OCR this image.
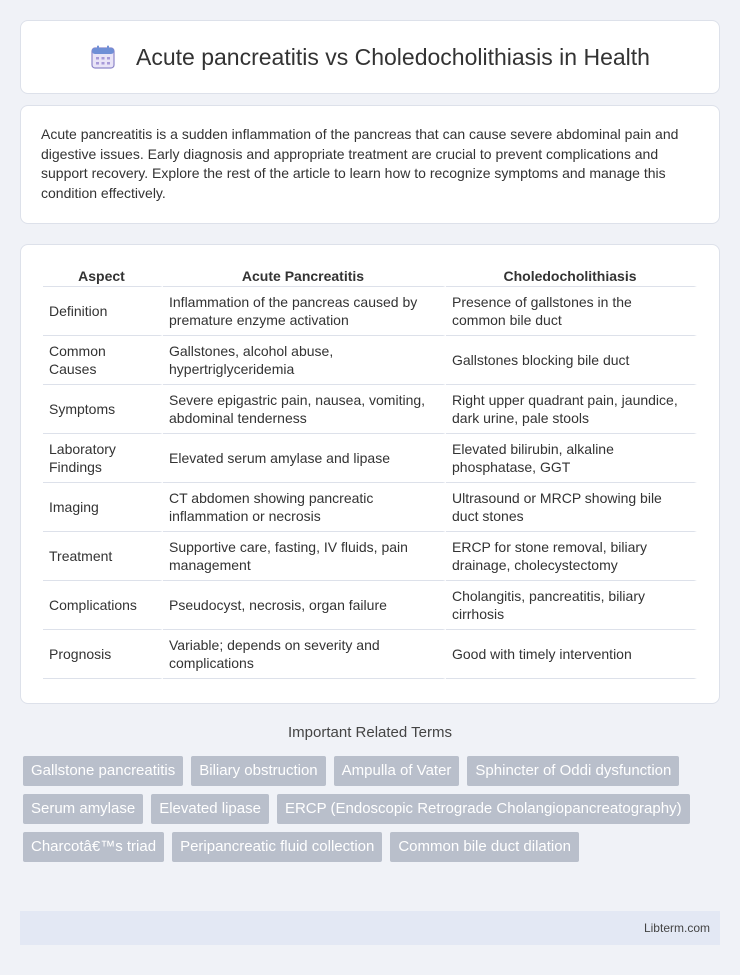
Acute pancreatitis vs Choledocholithiasis in Health

Acute pancreatitis is a sudden inflammation of the pancreas that can cause severe abdominal pain and digestive issues. Early diagnosis and appropriate treatment are crucial to prevent complications and support recovery. Explore the rest of the article to learn how to recognize symptoms and manage this condition effectively.

Aspect	Acute Pancreatitis	Choledocholithiasis
Definition	Inflammation of the pancreas caused by premature enzyme activation	Presence of gallstones in the common bile duct
Common Causes	Gallstones, alcohol abuse, hypertriglyceridemia	Gallstones blocking bile duct
Symptoms	Severe epigastric pain, nausea, vomiting, abdominal tenderness	Right upper quadrant pain, jaundice, dark urine, pale stools
Laboratory Findings	Elevated serum amylase and lipase	Elevated bilirubin, alkaline phosphatase, GGT
Imaging	CT abdomen showing pancreatic inflammation or necrosis	Ultrasound or MRCP showing bile duct stones
Treatment	Supportive care, fasting, IV fluids, pain management	ERCP for stone removal, biliary drainage, cholecystectomy
Complications	Pseudocyst, necrosis, organ failure	Cholangitis, pancreatitis, biliary cirrhosis
Prognosis	Variable; depends on severity and complications	Good with timely intervention
Important Related Terms
Gallstone pancreatitis	Biliary obstruction	Ampulla of Vater	Sphincter of Oddi dysfunction
Serum amylase	Elevated lipase	ERCP (Endoscopic Retrograde Cholangiopancreatography)
Charcotâ€™s triad	Peripancreatic fluid collection	Common bile duct dilation
Libterm.com
